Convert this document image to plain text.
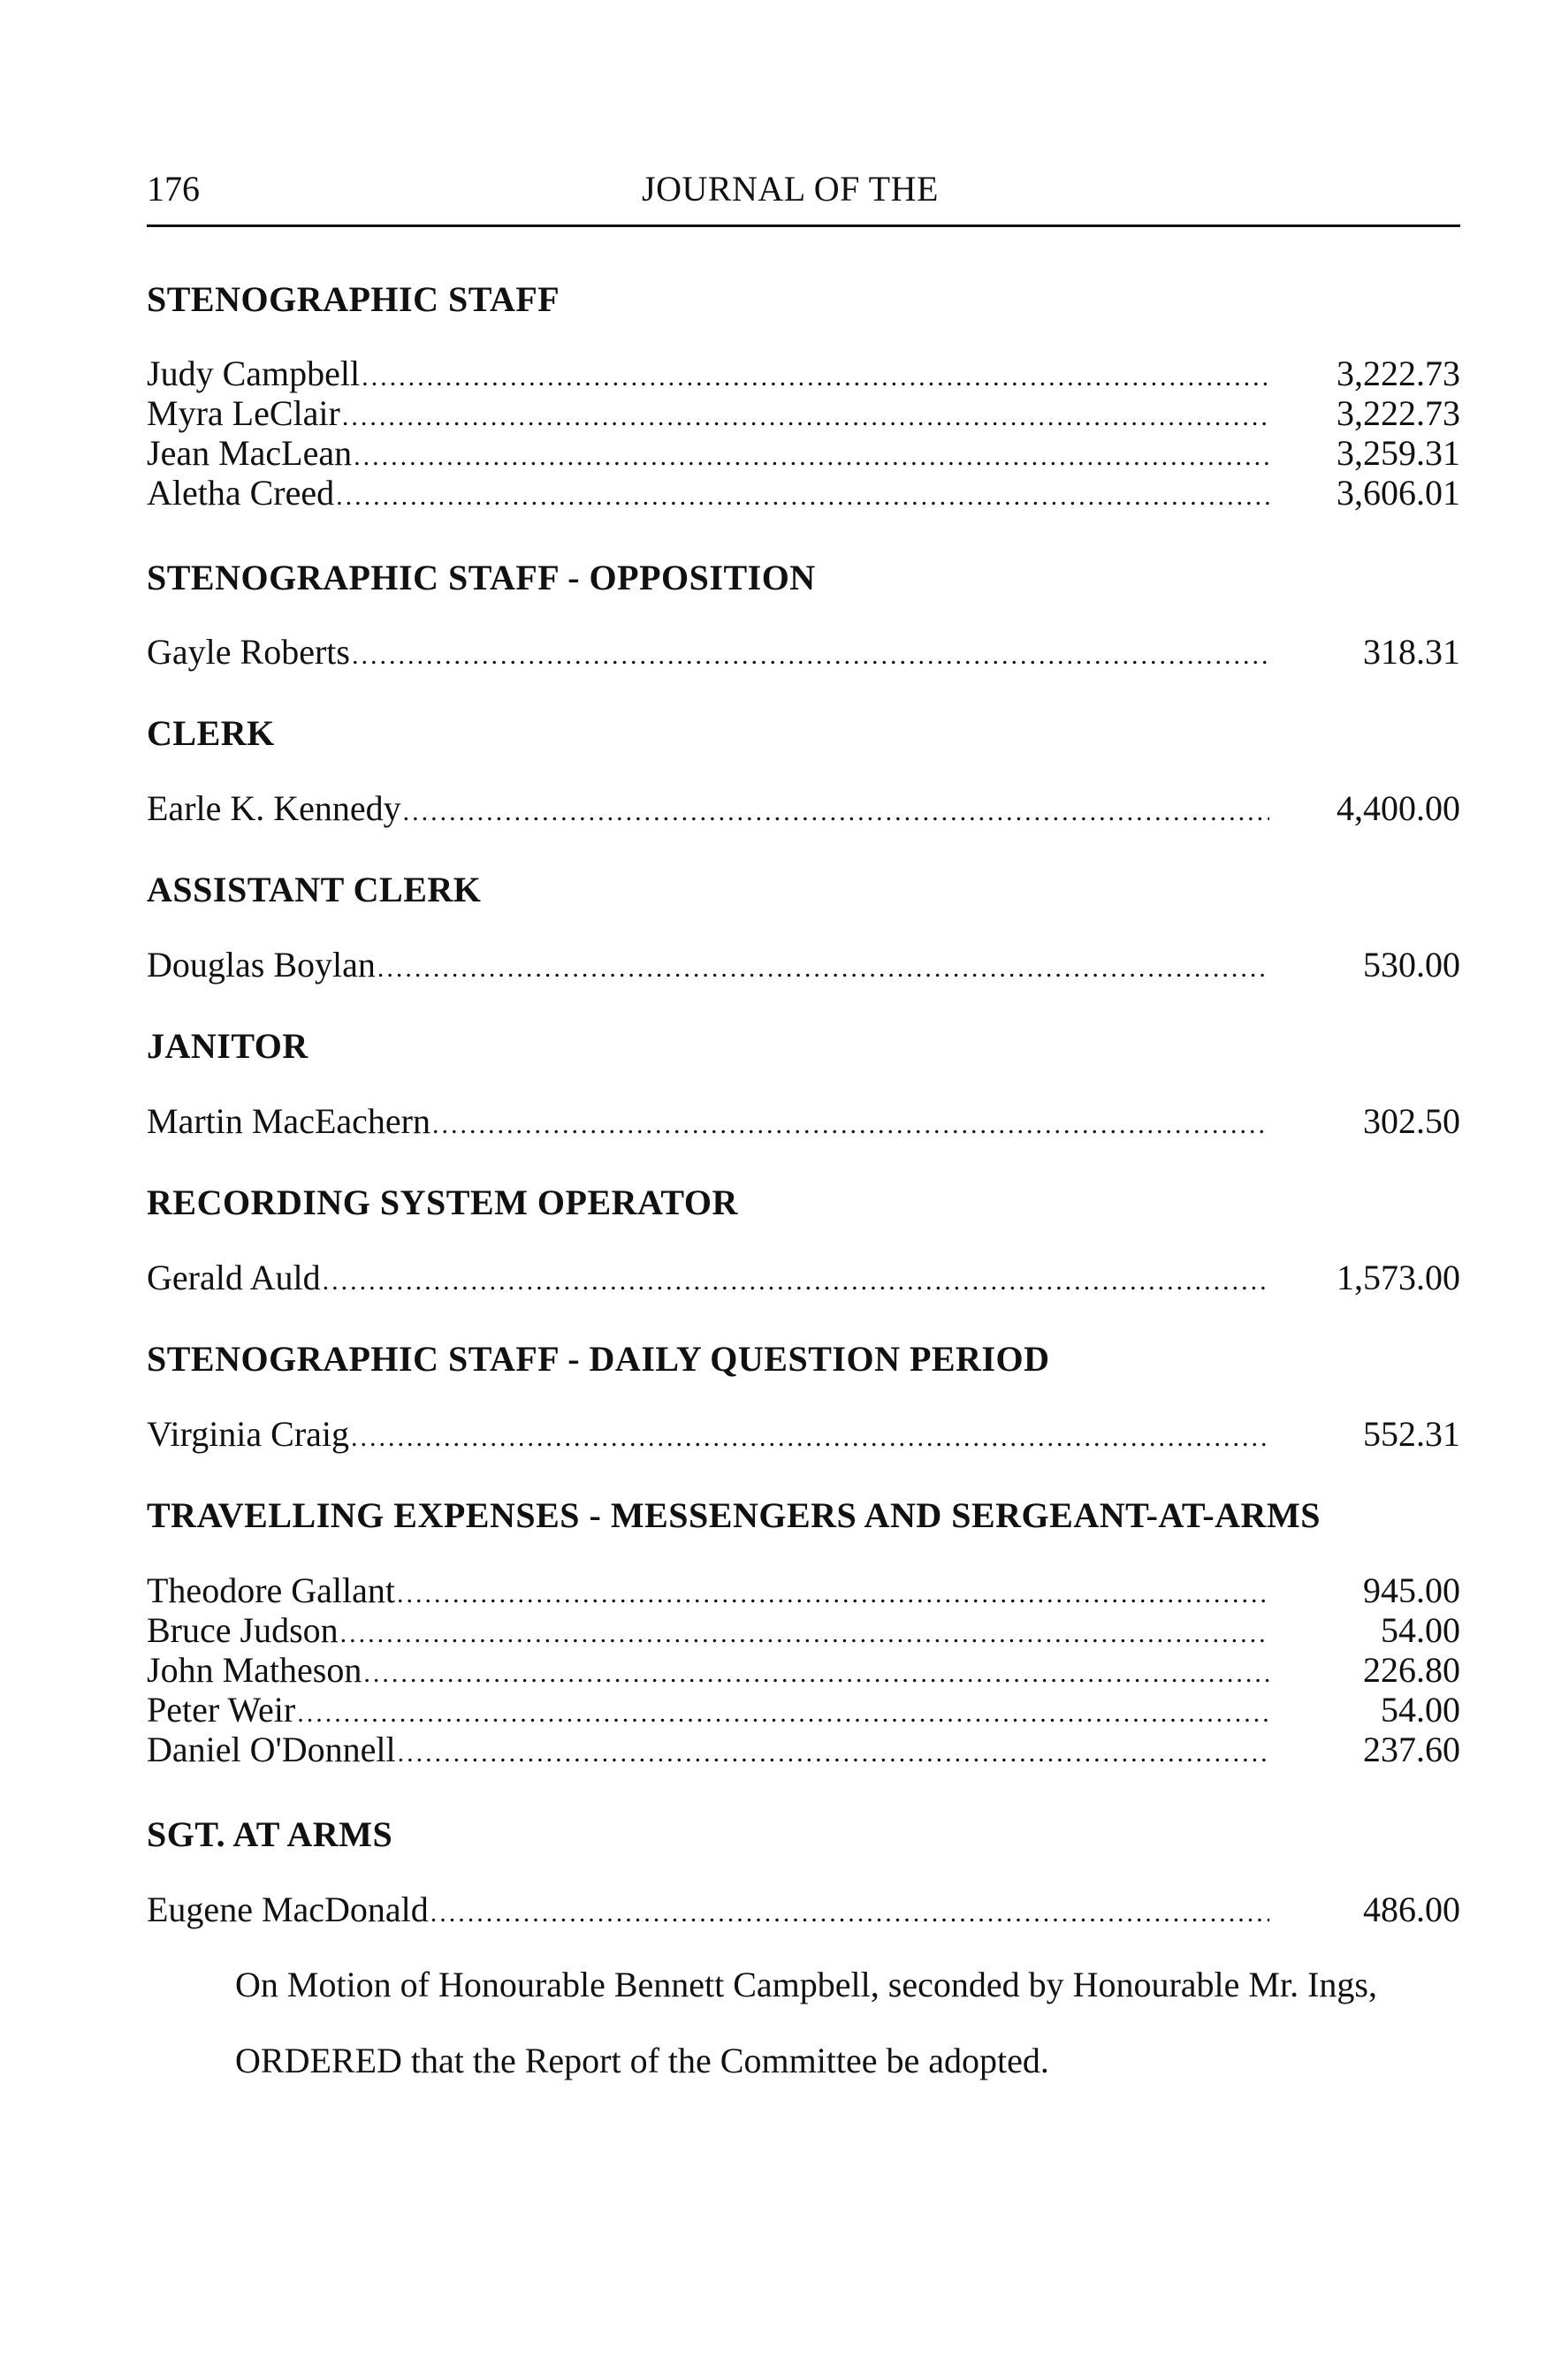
176	JOURNAL OF THE
STENOGRAPHIC STAFF
Judy Campbell .....	3,222.73
Myra LeClair .....	3,222.73
Jean MacLean .....	3,259.31
Aletha Creed .....	3,606.01
STENOGRAPHIC STAFF - OPPOSITION
Gayle Roberts .....	318.31
CLERK
Earle K. Kennedy .....	4,400.00
ASSISTANT CLERK
Douglas Boylan .....	530.00
JANITOR
Martin MacEachern .....	302.50
RECORDING SYSTEM OPERATOR
Gerald Auld .....	1,573.00
STENOGRAPHIC STAFF - DAILY QUESTION PERIOD
Virginia Craig .....	552.31
TRAVELLING EXPENSES - MESSENGERS AND SERGEANT-AT-ARMS
Theodore Gallant .....	945.00
Bruce Judson .....	54.00
John Matheson .....	226.80
Peter Weir .....	54.00
Daniel O'Donnell .....	237.60
SGT. AT ARMS
Eugene MacDonald .....	486.00

On Motion of Honourable Bennett Campbell, seconded by Honourable Mr. Ings,

ORDERED that the Report of the Committee be adopted.
